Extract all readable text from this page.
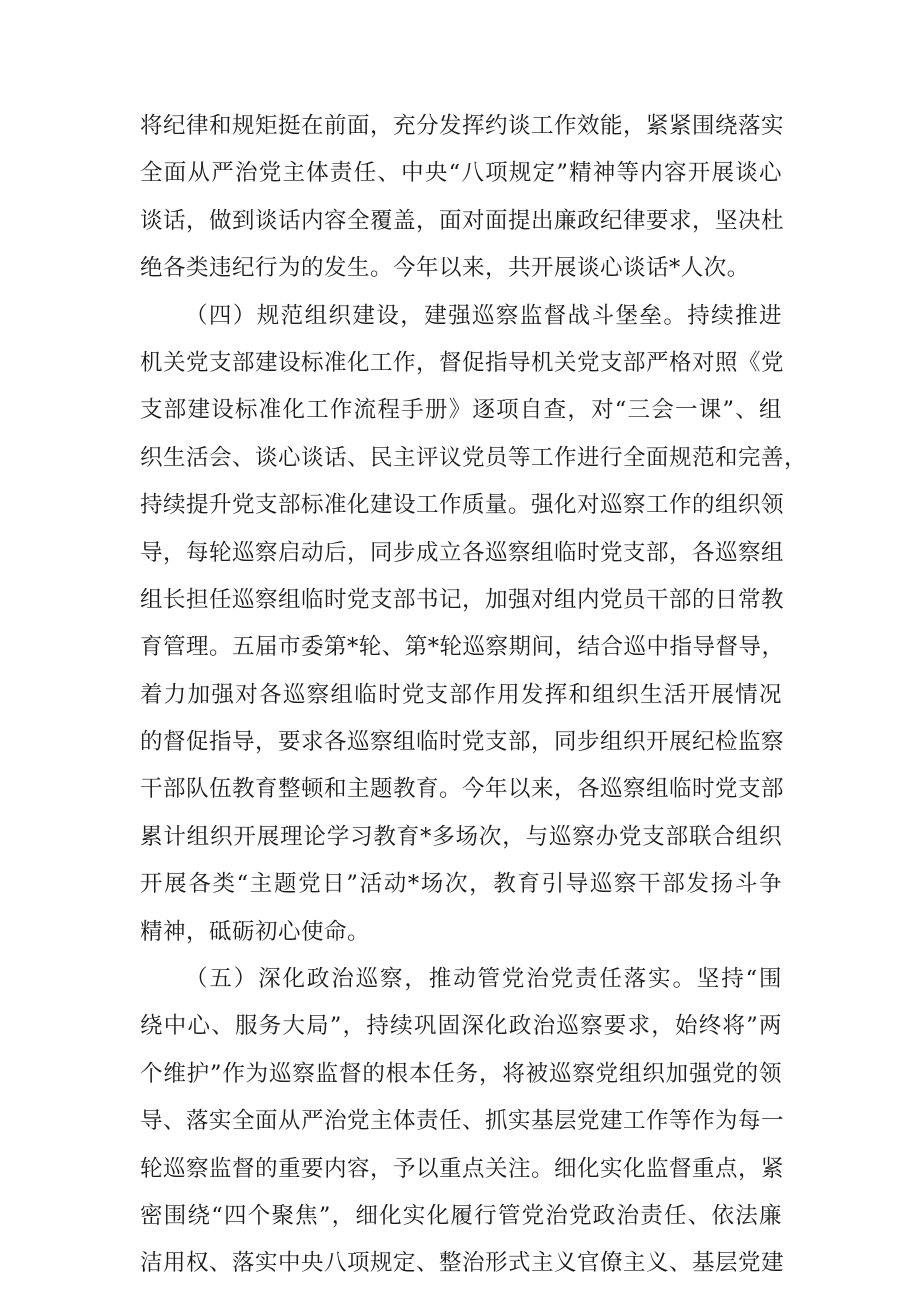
将纪律和规矩挺在前面，充分发挥约谈工作效能，紧紧围绕落实
全面从严治党主体责任、中央“八项规定”精神等内容开展谈心
谈话，做到谈话内容全覆盖，面对面提出廉政纪律要求，坚决杜
绝各类违纪行为的发生。今年以来，共开展谈心谈话*人次。
（四）规范组织建设，建强巡察监督战斗堡垒。持续推进
机关党支部建设标准化工作，督促指导机关党支部严格对照《党
支部建设标准化工作流程手册》逐项自查，对“三会一课”、组
织生活会、谈心谈话、民主评议党员等工作进行全面规范和完善，
持续提升党支部标准化建设工作质量。强化对巡察工作的组织领
导，每轮巡察启动后，同步成立各巡察组临时党支部，各巡察组
组长担任巡察组临时党支部书记，加强对组内党员干部的日常教
育管理。五届市委第*轮、第*轮巡察期间，结合巡中指导督导，
着力加强对各巡察组临时党支部作用发挥和组织生活开展情况
的督促指导，要求各巡察组临时党支部，同步组织开展纪检监察
干部队伍教育整顿和主题教育。今年以来，各巡察组临时党支部
累计组织开展理论学习教育*多场次，与巡察办党支部联合组织
开展各类“主题党日”活动*场次，教育引导巡察干部发扬斗争
精神，砥砺初心使命。
（五）深化政治巡察，推动管党治党责任落实。坚持“围
绕中心、服务大局”，持续巩固深化政治巡察要求，始终将”两
个维护”作为巡察监督的根本任务，将被巡察党组织加强党的领
导、落实全面从严治党主体责任、抓实基层党建工作等作为每一
轮巡察监督的重要内容，予以重点关注。细化实化监督重点，紧
密围绕“四个聚焦”，细化实化履行管党治党政治责任、依法廉
洁用权、落实中央八项规定、整治形式主义官僚主义、基层党建
